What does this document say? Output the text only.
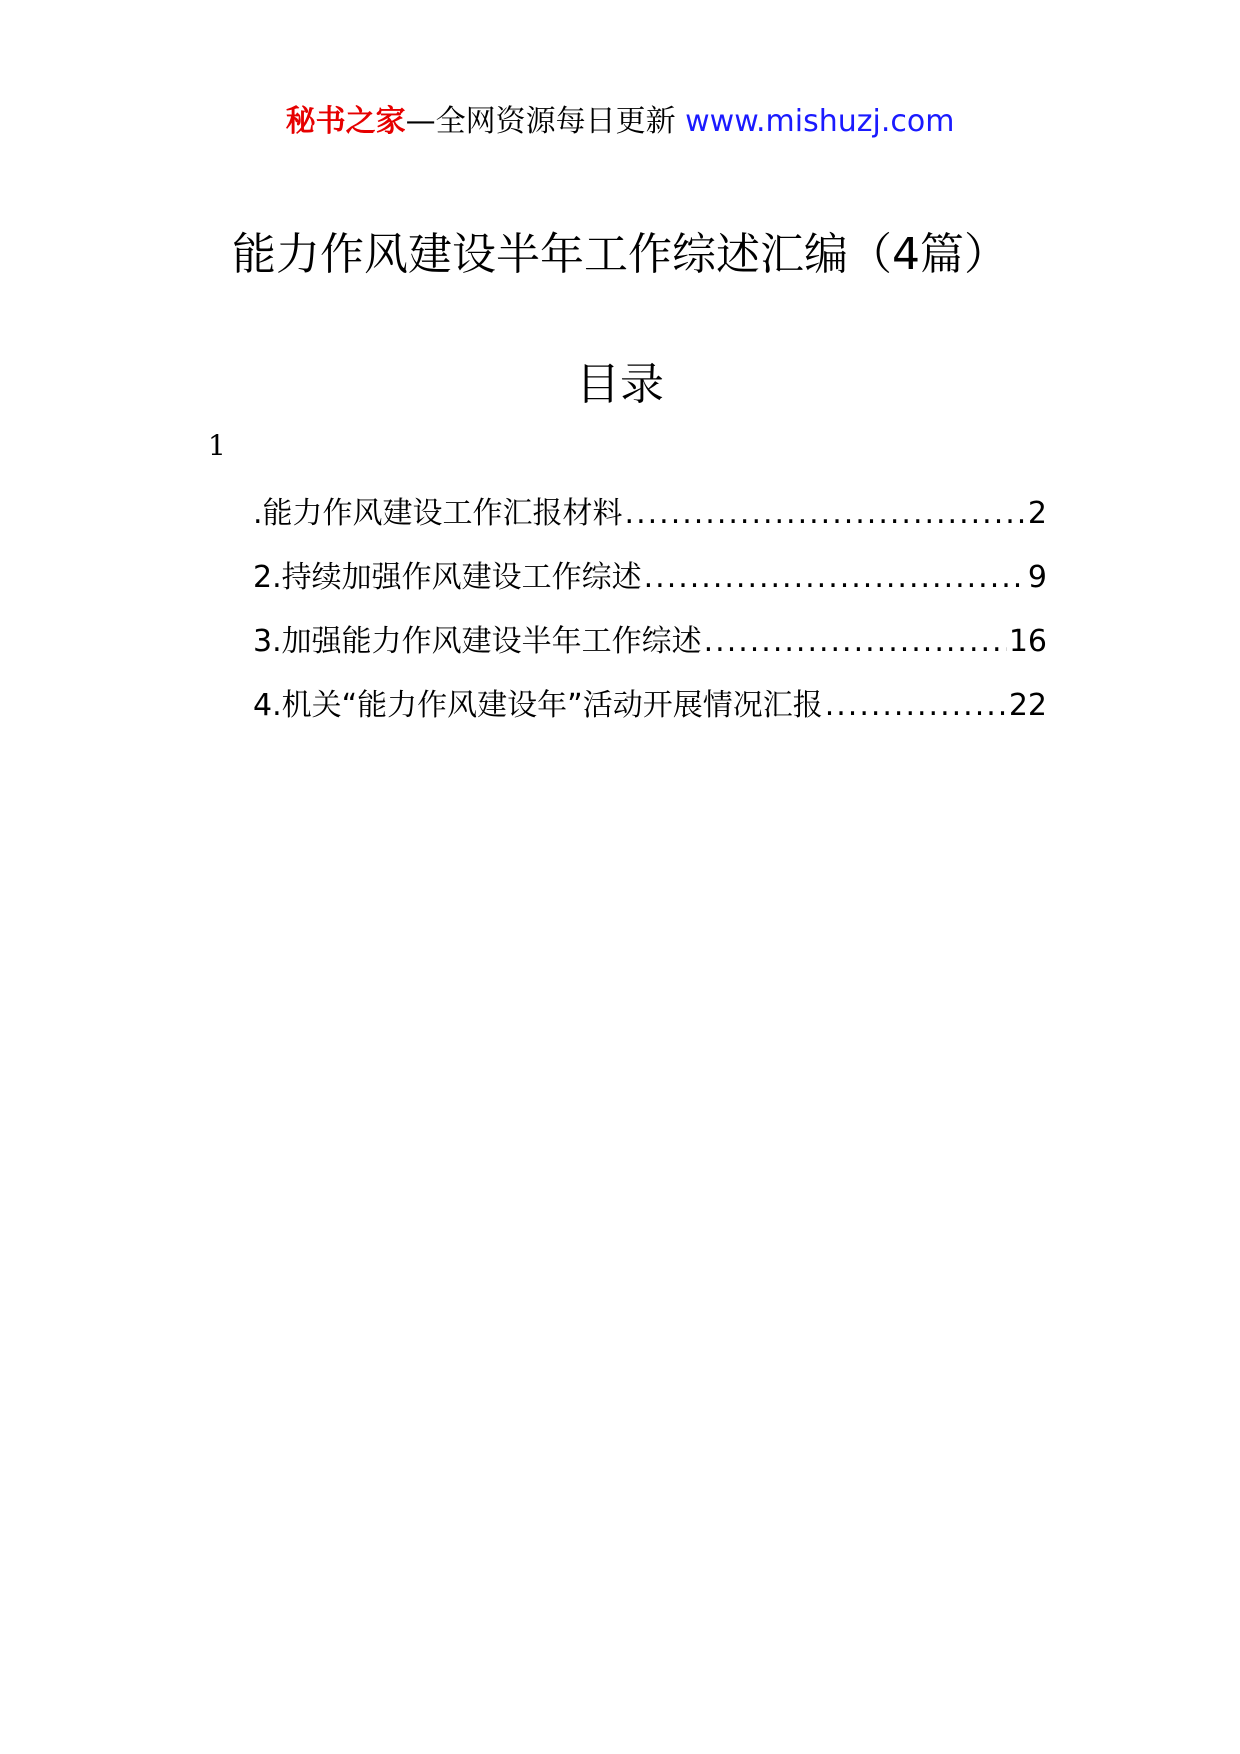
秘书之家—全网资源每日更新 www.mishuzj.com
能力作风建设半年工作综述汇编（4篇）
目录
1
.能力作风建设工作汇报材料 .....	2
2.持续加强作风建设工作综述 .....	9
3.加强能力作风建设半年工作综述 .....	16
4.机关“能力作风建设年”活动开展情况汇报 .....	22
